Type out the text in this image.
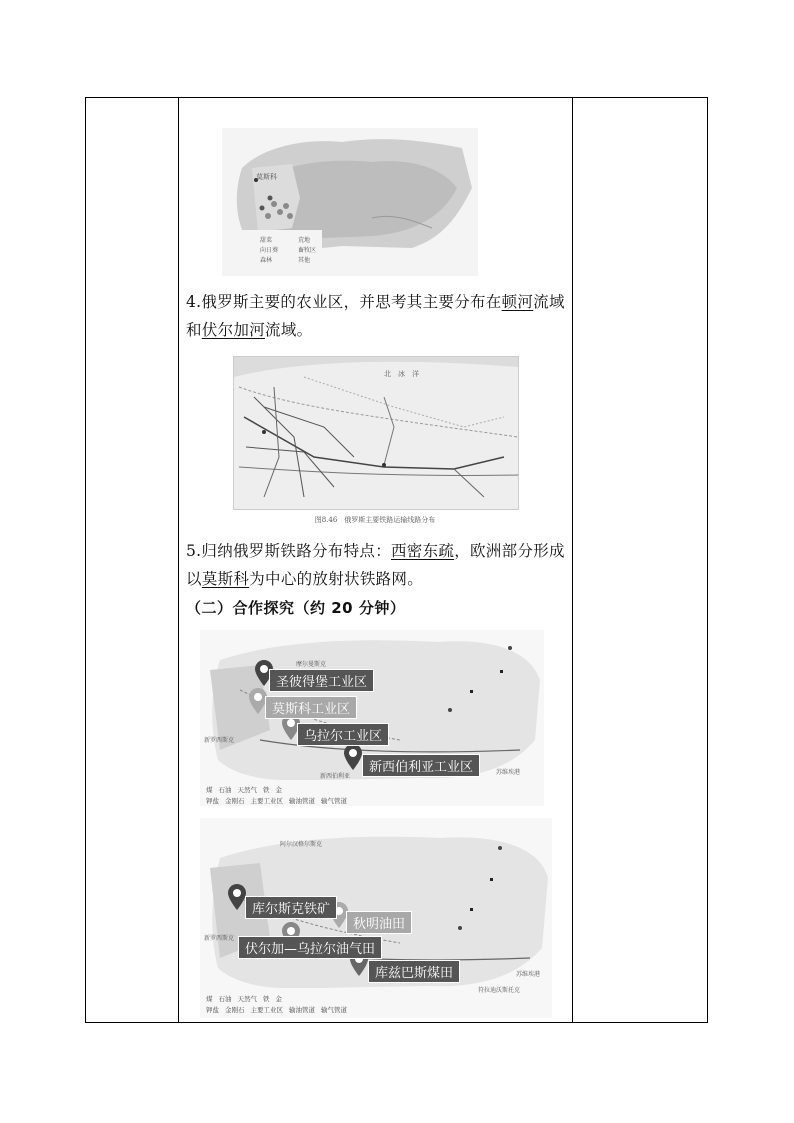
莫斯科
甜菜
向日葵
森林
荒地
畜牧区
其他
4.俄罗斯主要的农业区，并思考其主要分布在顿河流域和伏尔加河流域。
北　冰　洋
图8.46　俄罗斯主要铁路运输线路分布
5.归纳俄罗斯铁路分布特点：西密东疏，欧洲部分形成以莫斯科为中心的放射状铁路网。
（二）合作探究（约 20 分钟）
摩尔曼斯克
新罗西斯克
苏维埃港
新西伯利亚
圣彼得堡工业区
莫斯科工业区
乌拉尔工业区
新西伯利亚工业区
煤 石油 天然气 铁 金
钾盐 金刚石 主要工业区 输油管道 输气管道
阿尔汉格尔斯克
新罗西斯克
苏维埃港
符拉迪沃斯托克
库尔斯克铁矿
秋明油田
伏尔加—乌拉尔油气田
库兹巴斯煤田
煤 石油 天然气 铁 金
钾盐 金刚石 主要工业区 输油管道 输气管道
